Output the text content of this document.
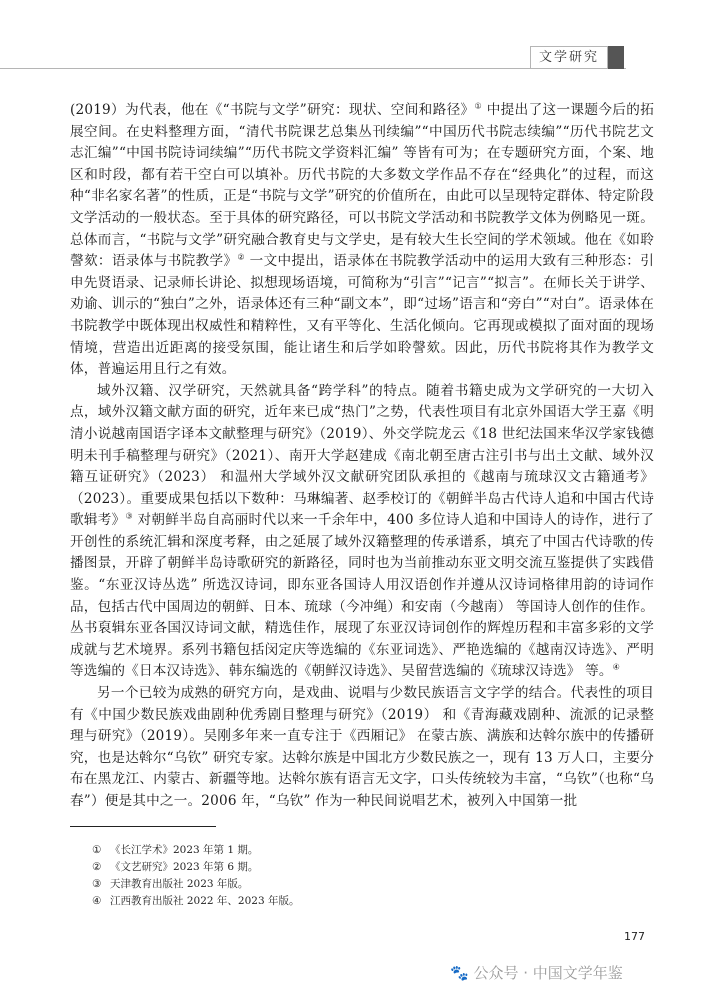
文学研究

(2019）为代表，他在《“书院与文学”研究：现状、空间和路径》① 中提出了这一课题今后的拓展空间。在史料整理方面，“清代书院课艺总集丛刊续编”“中国历代书院志续编”“历代书院艺文志汇编”“中国书院诗词续编”“历代书院文学资料汇编” 等皆有可为；在专题研究方面，个案、地区和时段，都有若干空白可以填补。历代书院的大多数文学作品不存在“经典化”的过程，而这种“非名家名著”的性质，正是“书院与文学”研究的价值所在，由此可以呈现特定群体、特定阶段文学活动的一般状态。至于具体的研究路径，可以书院文学活动和书院教学文体为例略见一斑。总体而言，“书院与文学”研究融合教育史与文学史，是有较大生长空间的学术领域。他在《如聆謦欬：语录体与书院教学》② 一文中提出，语录体在书院教学活动中的运用大致有三种形态：引申先贤语录、记录师长讲论、拟想现场语境，可简称为“引言”“记言”“拟言”。在师长关于讲学、劝谕、训示的“独白”之外，语录体还有三种“副文本”，即“过场”语言和“旁白”“对白”。语录体在书院教学中既体现出权威性和精粹性，又有平等化、生活化倾向。它再现或模拟了面对面的现场情境，营造出近距离的接受氛围，能让诸生和后学如聆謦欬。因此，历代书院将其作为教学文体，普遍运用且行之有效。

域外汉籍、汉学研究，天然就具备“跨学科”的特点。随着书籍史成为文学研究的一大切入点，域外汉籍文献方面的研究，近年来已成“热门”之势，代表性项目有北京外国语大学王嘉《明清小说越南国语字译本文献整理与研究》（2019）、外交学院龙云《18 世纪法国来华汉学家钱德明未刊手稿整理与研究》（2021）、南开大学赵建成《南北朝至唐古注引书与出土文献、域外汉籍互证研究》（2023） 和温州大学域外汉文献研究团队承担的《越南与琉球汉文古籍通考》（2023）。重要成果包括以下数种：马琳编著、赵季校订的《朝鲜半岛古代诗人追和中国古代诗歌辑考》③ 对朝鲜半岛自高丽时代以来一千余年中，400 多位诗人追和中国诗人的诗作，进行了开创性的系统汇辑和深度考释，由之延展了域外汉籍整理的传承谱系，填充了中国古代诗歌的传播图景，开辟了朝鲜半岛诗歌研究的新路径，同时也为当前推动东亚文明交流互鉴提供了实践借鉴。“东亚汉诗丛选” 所选汉诗词，即东亚各国诗人用汉语创作并遵从汉诗词格律用韵的诗词作品，包括古代中国周边的朝鲜、日本、琉球（今冲绳）和安南（今越南） 等国诗人创作的佳作。丛书裒辑东亚各国汉诗词文献，精选佳作，展现了东亚汉诗词创作的辉煌历程和丰富多彩的文学成就与艺术境界。系列书籍包括闵定庆等选编的《东亚词选》、严艳选编的《越南汉诗选》、严明等选编的《日本汉诗选》、韩东编选的《朝鲜汉诗选》、吴留营选编的《琉球汉诗选》 等。④

另一个已较为成熟的研究方向，是戏曲、说唱与少数民族语言文字学的结合。代表性的项目有《中国少数民族戏曲剧种优秀剧目整理与研究》（2019） 和《青海藏戏剧种、流派的记录整理与研究》（2019）。吴刚多年来一直专注于《西厢记》 在蒙古族、满族和达斡尔族中的传播研究，也是达斡尔“乌钦” 研究专家。达斡尔族是中国北方少数民族之一，现有 13 万人口，主要分布在黑龙江、内蒙古、新疆等地。达斡尔族有语言无文字，口头传统较为丰富，“乌钦”（也称“乌春”）便是其中之一。2006 年，“乌钦” 作为一种民间说唱艺术，被列入中国第一批

① 《长江学术》2023 年第 1 期。
② 《文艺研究》2023 年第 6 期。
③ 天津教育出版社 2023 年版。
④ 江西教育出版社 2022 年、2023 年版。
177
🐾 公众号 · 中国文学年鉴
